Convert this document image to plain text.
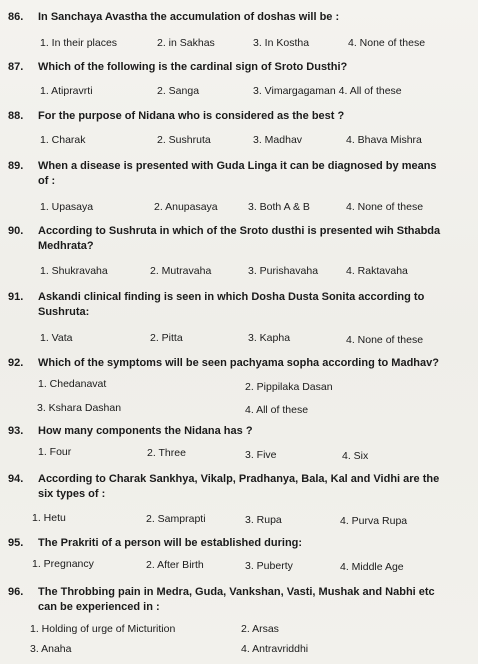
86. In Sanchaya Avastha the accumulation of doshas will be :
1. In their places	2. in Sakhas	3. In Kostha	4. None of these
87. Which of the following is the cardinal sign of Sroto Dusthi?
1. Atipravrti	2. Sanga	3. Vimargagaman 4. All of these
88. For the purpose of Nidana who is considered as the best ?
1. Charak	2. Sushruta	3. Madhav	4. Bhava Mishra
89. When a disease is presented with Guda Linga it can be diagnosed by means
of :
1. Upasaya	2. Anupasaya	3. Both A & B	4. None of these
90. According to Sushruta in which of the Sroto dusthi is presented wih Sthabda
Medhrata?
1. Shukravaha	2. Mutravaha	3. Purishavaha	4. Raktavaha
91. Askandi clinical finding is seen in which Dosha Dusta Sonita according to
Sushruta:
1. Vata	2. Pitta	3. Kapha	4. None of these
92. Which of the symptoms will be seen pachyama sopha according to Madhav?
1. Chedanavat	2. Pippilaka Dasan
3. Kshara Dashan	4. All of these
93. How many components the Nidana has ?
1. Four	2. Three	3. Five	4. Six
94. According to Charak Sankhya, Vikalp, Pradhanya, Bala, Kal and Vidhi are the
six types of :
1. Hetu	2. Samprapti	3. Rupa	4. Purva Rupa
95. The Prakriti of a person will be established during:
1. Pregnancy	2. After Birth	3. Puberty	4. Middle Age
96. The Throbbing pain in Medra, Guda, Vankshan, Vasti, Mushak and Nabhi etc
can be experienced in :
1. Holding of urge of Micturition	2. Arsas
3. Anaha	4. Antravriddhi
